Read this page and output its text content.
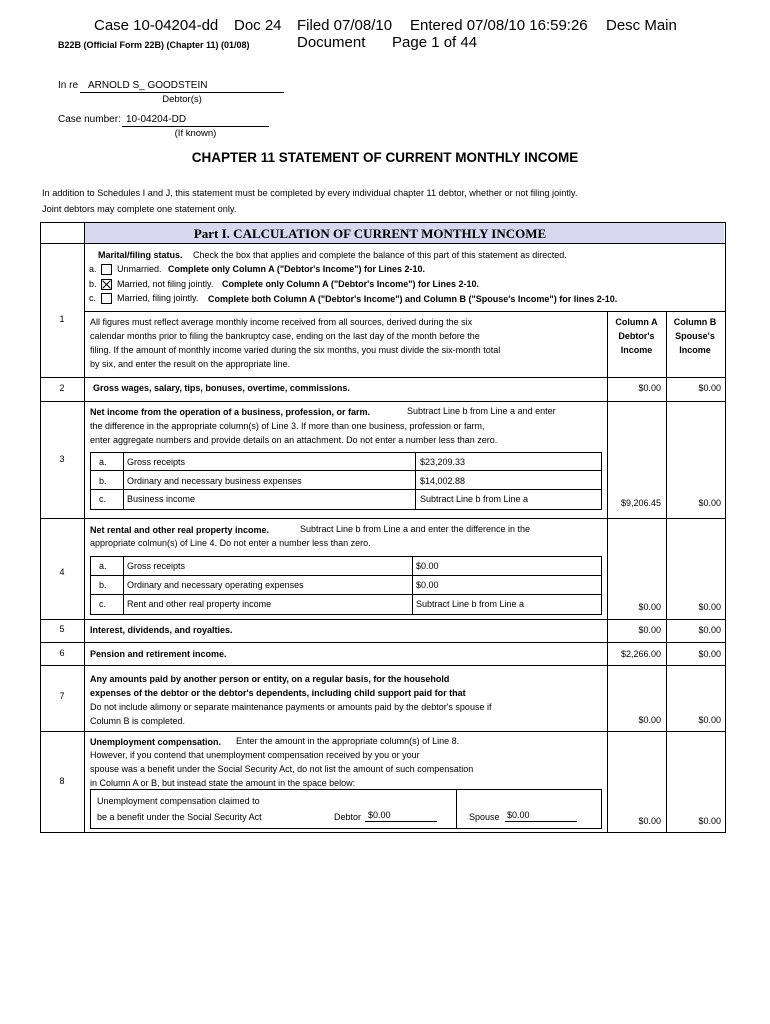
Case 10-04204-dd Doc 24 Filed 07/08/10 Entered 07/08/10 16:59:26 Desc Main
Document Page 1 of 44
B22B (Official Form 22B) (Chapter 11) (01/08)
In re ARNOLD S_ GOODSTEIN
Debtor(s)
Case number: 10-04204-DD
(If known)
CHAPTER 11 STATEMENT OF CURRENT MONTHLY INCOME
In addition to Schedules I and J, this statement must be completed by every individual chapter 11 debtor, whether or not filing jointly.
Joint debtors may complete one statement only.
Part I. CALCULATION OF CURRENT MONTHLY INCOME
Marital/filing status. Check the box that applies and complete the balance of this part of this statement as directed.
a. Unmarried. Complete only Column A ("Debtor's Income") for Lines 2-10.
b. Married, not filing jointly. Complete only Column A ("Debtor's Income") for Lines 2-10.
c. Married, filing jointly. Complete both Column A ("Debtor's Income") and Column B ("Spouse's Income") for lines 2-10.
1	All figures must reflect average monthly income received from all sources, derived during the six
calendar months prior to filing the bankruptcy case, ending on the last day of the month before the
filing. If the amount of monthly income varied during the six months, you must divide the six-month total
by six, and enter the result on the appropriate line.
Column A
Debtor's
Income
Column B
Spouse's
Income
2	Gross wages, salary, tips, bonuses, overtime, commissions.	$0.00	$0.00
3
Net income from the operation of a business, profession, or farm.	Subtract Line b from Line a and enter
the difference in the appropriate column(s) of Line 3. If more than one business, profession or farm,
enter aggregate numbers and provide details on an attachment. Do not enter a number less than zero.
a. Gross receipts	$23,209.33
b. Ordinary and necessary business expenses	$14,002.88
c. Business income	Subtract Line b from Line a	$9,206.45	$0.00
4
Net rental and other real property income.	Subtract Line b from Line a and enter the difference in the
appropriate colmun(s) of Line 4. Do not enter a number less than zero.
a. Gross receipts	$0.00
b. Ordinary and necessary operating expenses	$0.00
c. Rent and other real property income	Subtract Line b from Line a	$0.00	$0.00
5	Interest, dividends, and royalties.	$0.00	$0.00
6	Pension and retirement income.	$2,266.00	$0.00
7
Any amounts paid by another person or entity, on a regular basis, for the household
expenses of the debtor or the debtor's dependents, including child support paid for that
Do not include alimony or separate maintenance payments or amounts paid by the debtor's spouse if
Column B is completed.	$0.00	$0.00
8
Unemployment compensation. Enter the amount in the appropriate column(s) of Line 8.
However, if you contend that unemployment compensation received by you or your
spouse was a benefit under the Social Security Act, do not list the amount of such compensation
in Column A or B, but instead state the amount in the space below:
Unemployment compensation claimed to
be a benefit under the Social Security Act	Debtor $0.00	Spouse $0.00
$0.00	$0.00
